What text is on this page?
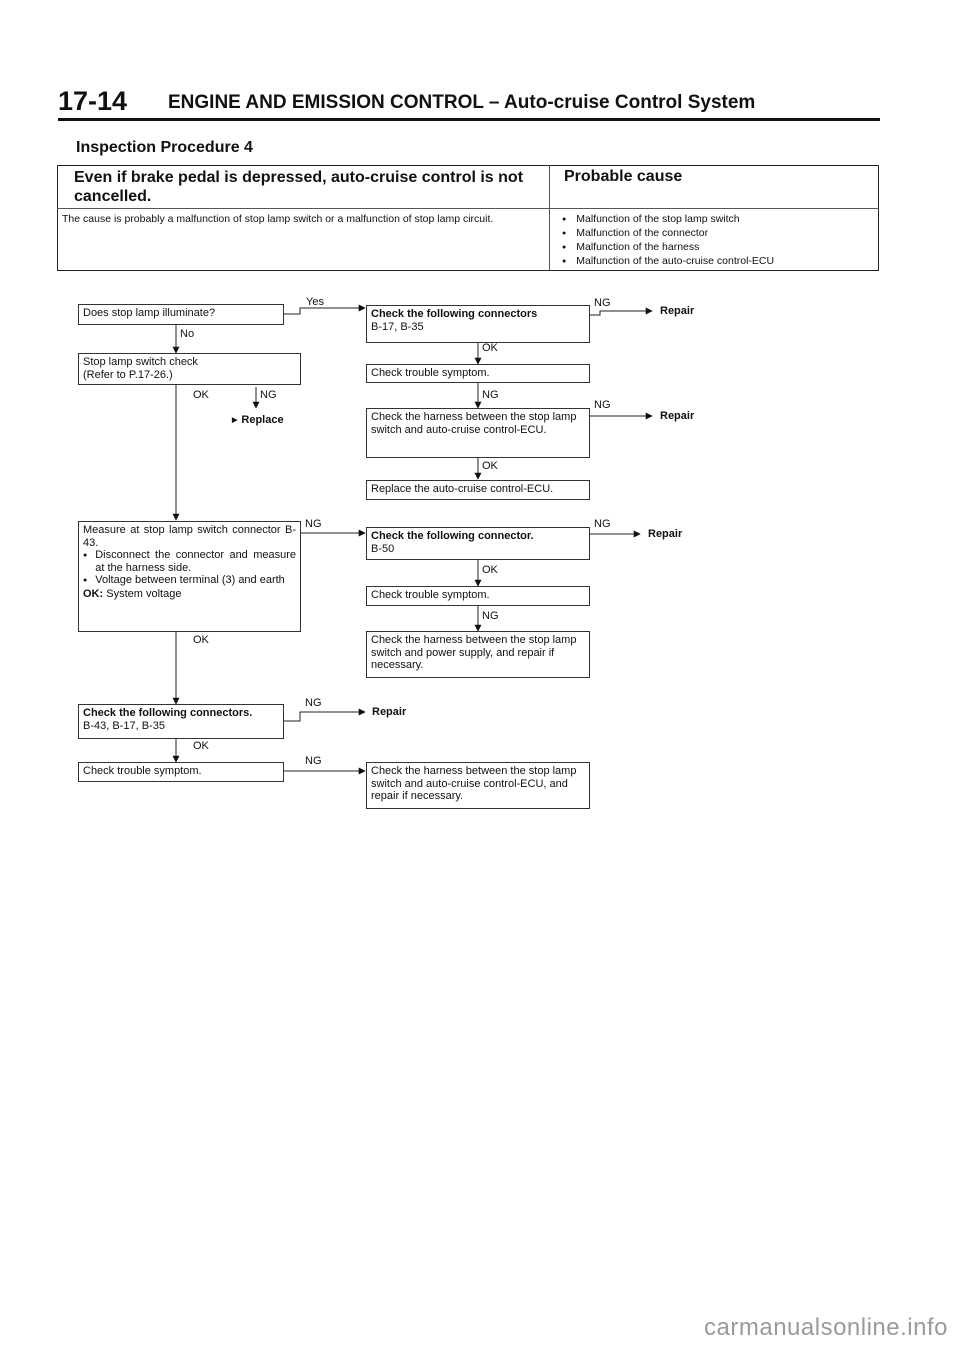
17-14 ENGINE AND EMISSION CONTROL – Auto-cruise Control System
Inspection Procedure 4
Even if brake pedal is depressed, auto-cruise control is not cancelled.
Probable cause
The cause is probably a malfunction of stop lamp switch or a malfunction of stop lamp circuit.
●	Malfunction of the stop lamp switch
● Malfunction of the connector
● Malfunction of the harness
● Malfunction of the auto-cruise control-ECU
Does stop lamp illuminate?
Stop lamp switch check
(Refer to P.17-26.)
Measure at stop lamp switch connector B-43.
● Disconnect the connector and measure at the harness side.
● Voltage between terminal (3) and earth
OK: System voltage
Check the following connectors.
B-43, B-17, B-35
Check trouble symptom.
Check the following connectors
B-17, B-35
Check trouble symptom.
Check the harness between the stop lamp switch and auto-cruise control-ECU.
Replace the auto-cruise control-ECU.
Check the following connector.
B-50
Check trouble symptom.
Check the harness between the stop lamp switch and power supply, and repair if necessary.
Check the harness between the stop lamp switch and auto-cruise control-ECU, and repair if necessary.
Yes
No
OK	NG
▶ Replace
OK
NG
NG
OK
NG
OK
NG
OK
OK
NG
NG
NG
NG
Repair
Repair
Repair
Repair
carmanualsonline.info
